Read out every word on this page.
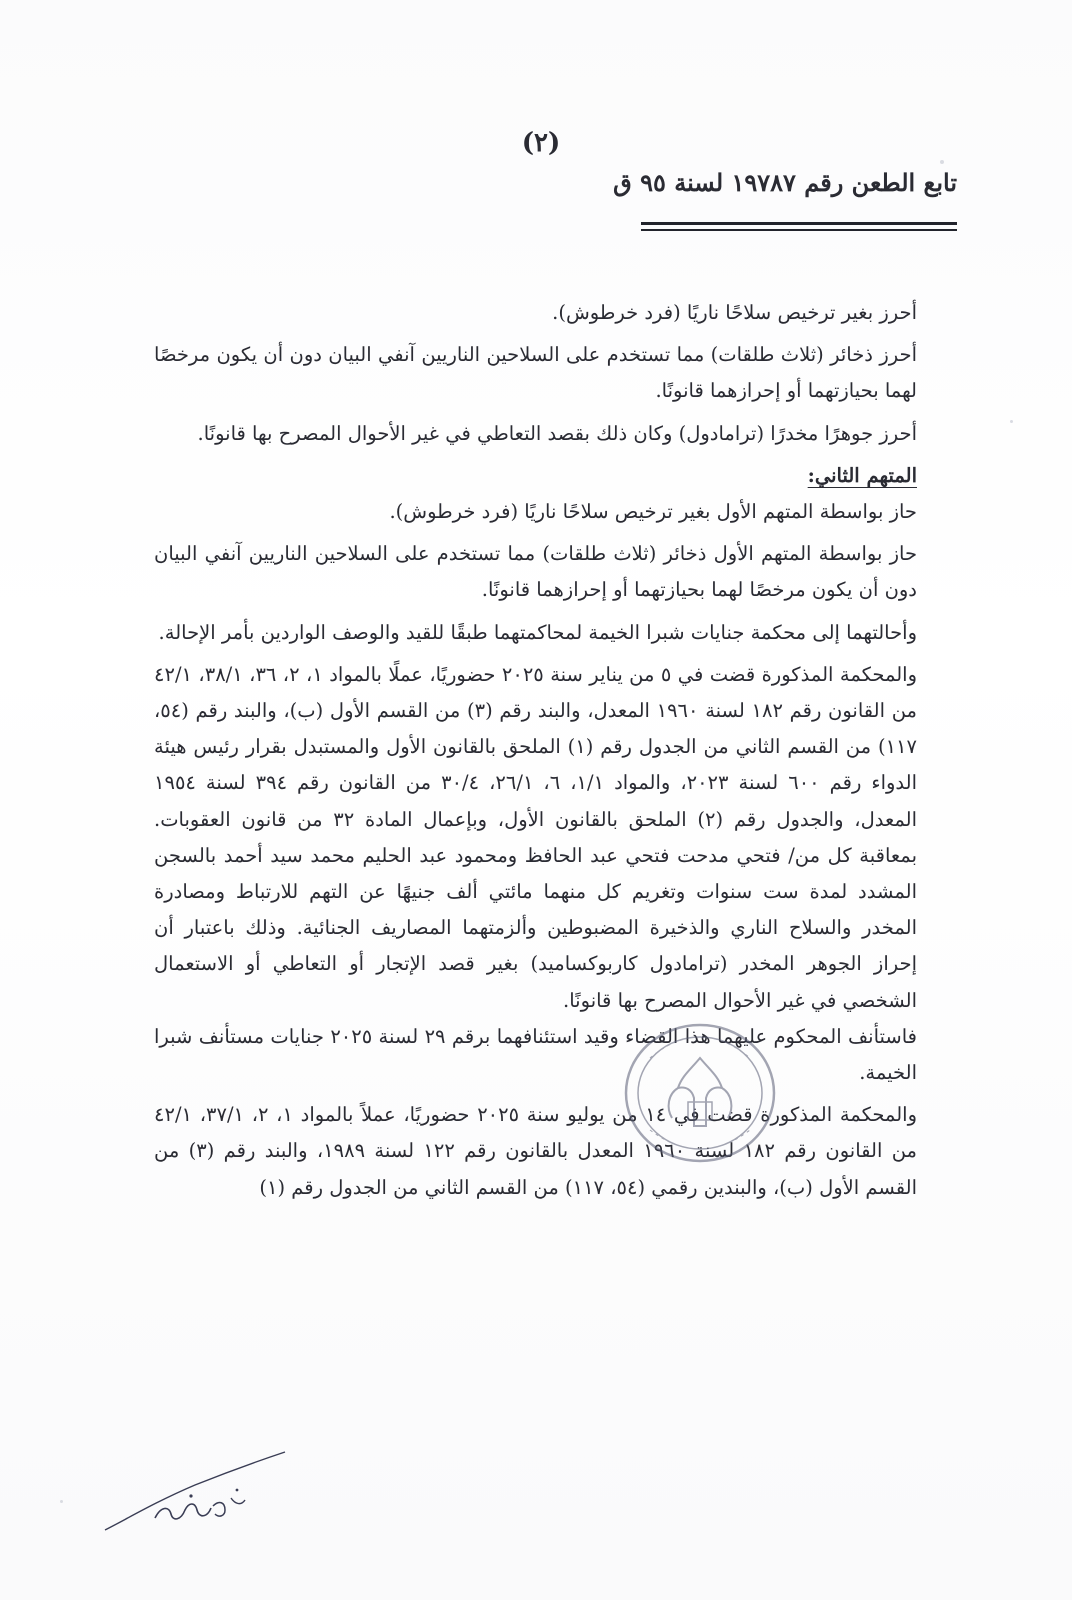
(٢)
تابع الطعن رقم ١٩٧٨٧ لسنة ٩٥ ق

أحرز بغير ترخيص سلاحًا ناريًا (فرد خرطوش).

أحرز ذخائر (ثلاث طلقات) مما تستخدم على السلاحين الناريين آنفي البيان دون أن يكون مرخصًا لهما بحيازتهما أو إحرازهما قانونًا.

أحرز جوهرًا مخدرًا (ترامادول) وكان ذلك بقصد التعاطي في غير الأحوال المصرح بها قانونًا.

المتهم الثاني:

حاز بواسطة المتهم الأول بغير ترخيص سلاحًا ناريًا (فرد خرطوش).

حاز بواسطة المتهم الأول ذخائر (ثلاث طلقات) مما تستخدم على السلاحين الناريين آنفي البيان دون أن يكون مرخصًا لهما بحيازتهما أو إحرازهما قانونًا.

وأحالتهما إلى محكمة جنايات شبرا الخيمة لمحاكمتهما طبقًا للقيد والوصف الواردين بأمر الإحالة.

والمحكمة المذكورة قضت في ٥ من يناير سنة ٢٠٢٥ حضوريًا، عملًا بالمواد ١، ٢، ٣٦، ٣٨/١، ٤٢/١ من القانون رقم ١٨٢ لسنة ١٩٦٠ المعدل، والبند رقم (٣) من القسم الأول (ب)، والبند رقم (٥٤، ١١٧) من القسم الثاني من الجدول رقم (١) الملحق بالقانون الأول والمستبدل بقرار رئيس هيئة الدواء رقم ٦٠٠ لسنة ٢٠٢٣، والمواد ١/١، ٦، ٢٦/١، ٣٠/٤ من القانون رقم ٣٩٤ لسنة ١٩٥٤ المعدل، والجدول رقم (٢) الملحق بالقانون الأول، وبإعمال المادة ٣٢ من قانون العقوبات. بمعاقبة كل من/ فتحي مدحت فتحي عبد الحافظ ومحمود عبد الحليم محمد سيد أحمد بالسجن المشدد لمدة ست سنوات وتغريم كل منهما مائتي ألف جنيهًا عن التهم للارتباط ومصادرة المخدر والسلاح الناري والذخيرة المضبوطين وألزمتهما المصاريف الجنائية. وذلك باعتبار أن إحراز الجوهر المخدر (ترامادول كاربوكساميد) بغير قصد الإتجار أو التعاطي أو الاستعمال الشخصي في غير الأحوال المصرح بها قانونًا.

فاستأنف المحكوم عليهما هذا القضاء وقيد استئنافهما برقم ٢٩ لسنة ٢٠٢٥ جنايات مستأنف شبرا الخيمة.

والمحكمة المذكورة قضت في ١٤ من يوليو سنة ٢٠٢٥ حضوريًا، عملاً بالمواد ١، ٢، ٣٧/١، ٤٢/١ من القانون رقم ١٨٢ لسنة ١٩٦٠ المعدل بالقانون رقم ١٢٢ لسنة ١٩٨٩، والبند رقم (٣) من القسم الأول (ب)، والبندين رقمي (٥٤، ١١٧) من القسم الثاني من الجدول رقم (١)
